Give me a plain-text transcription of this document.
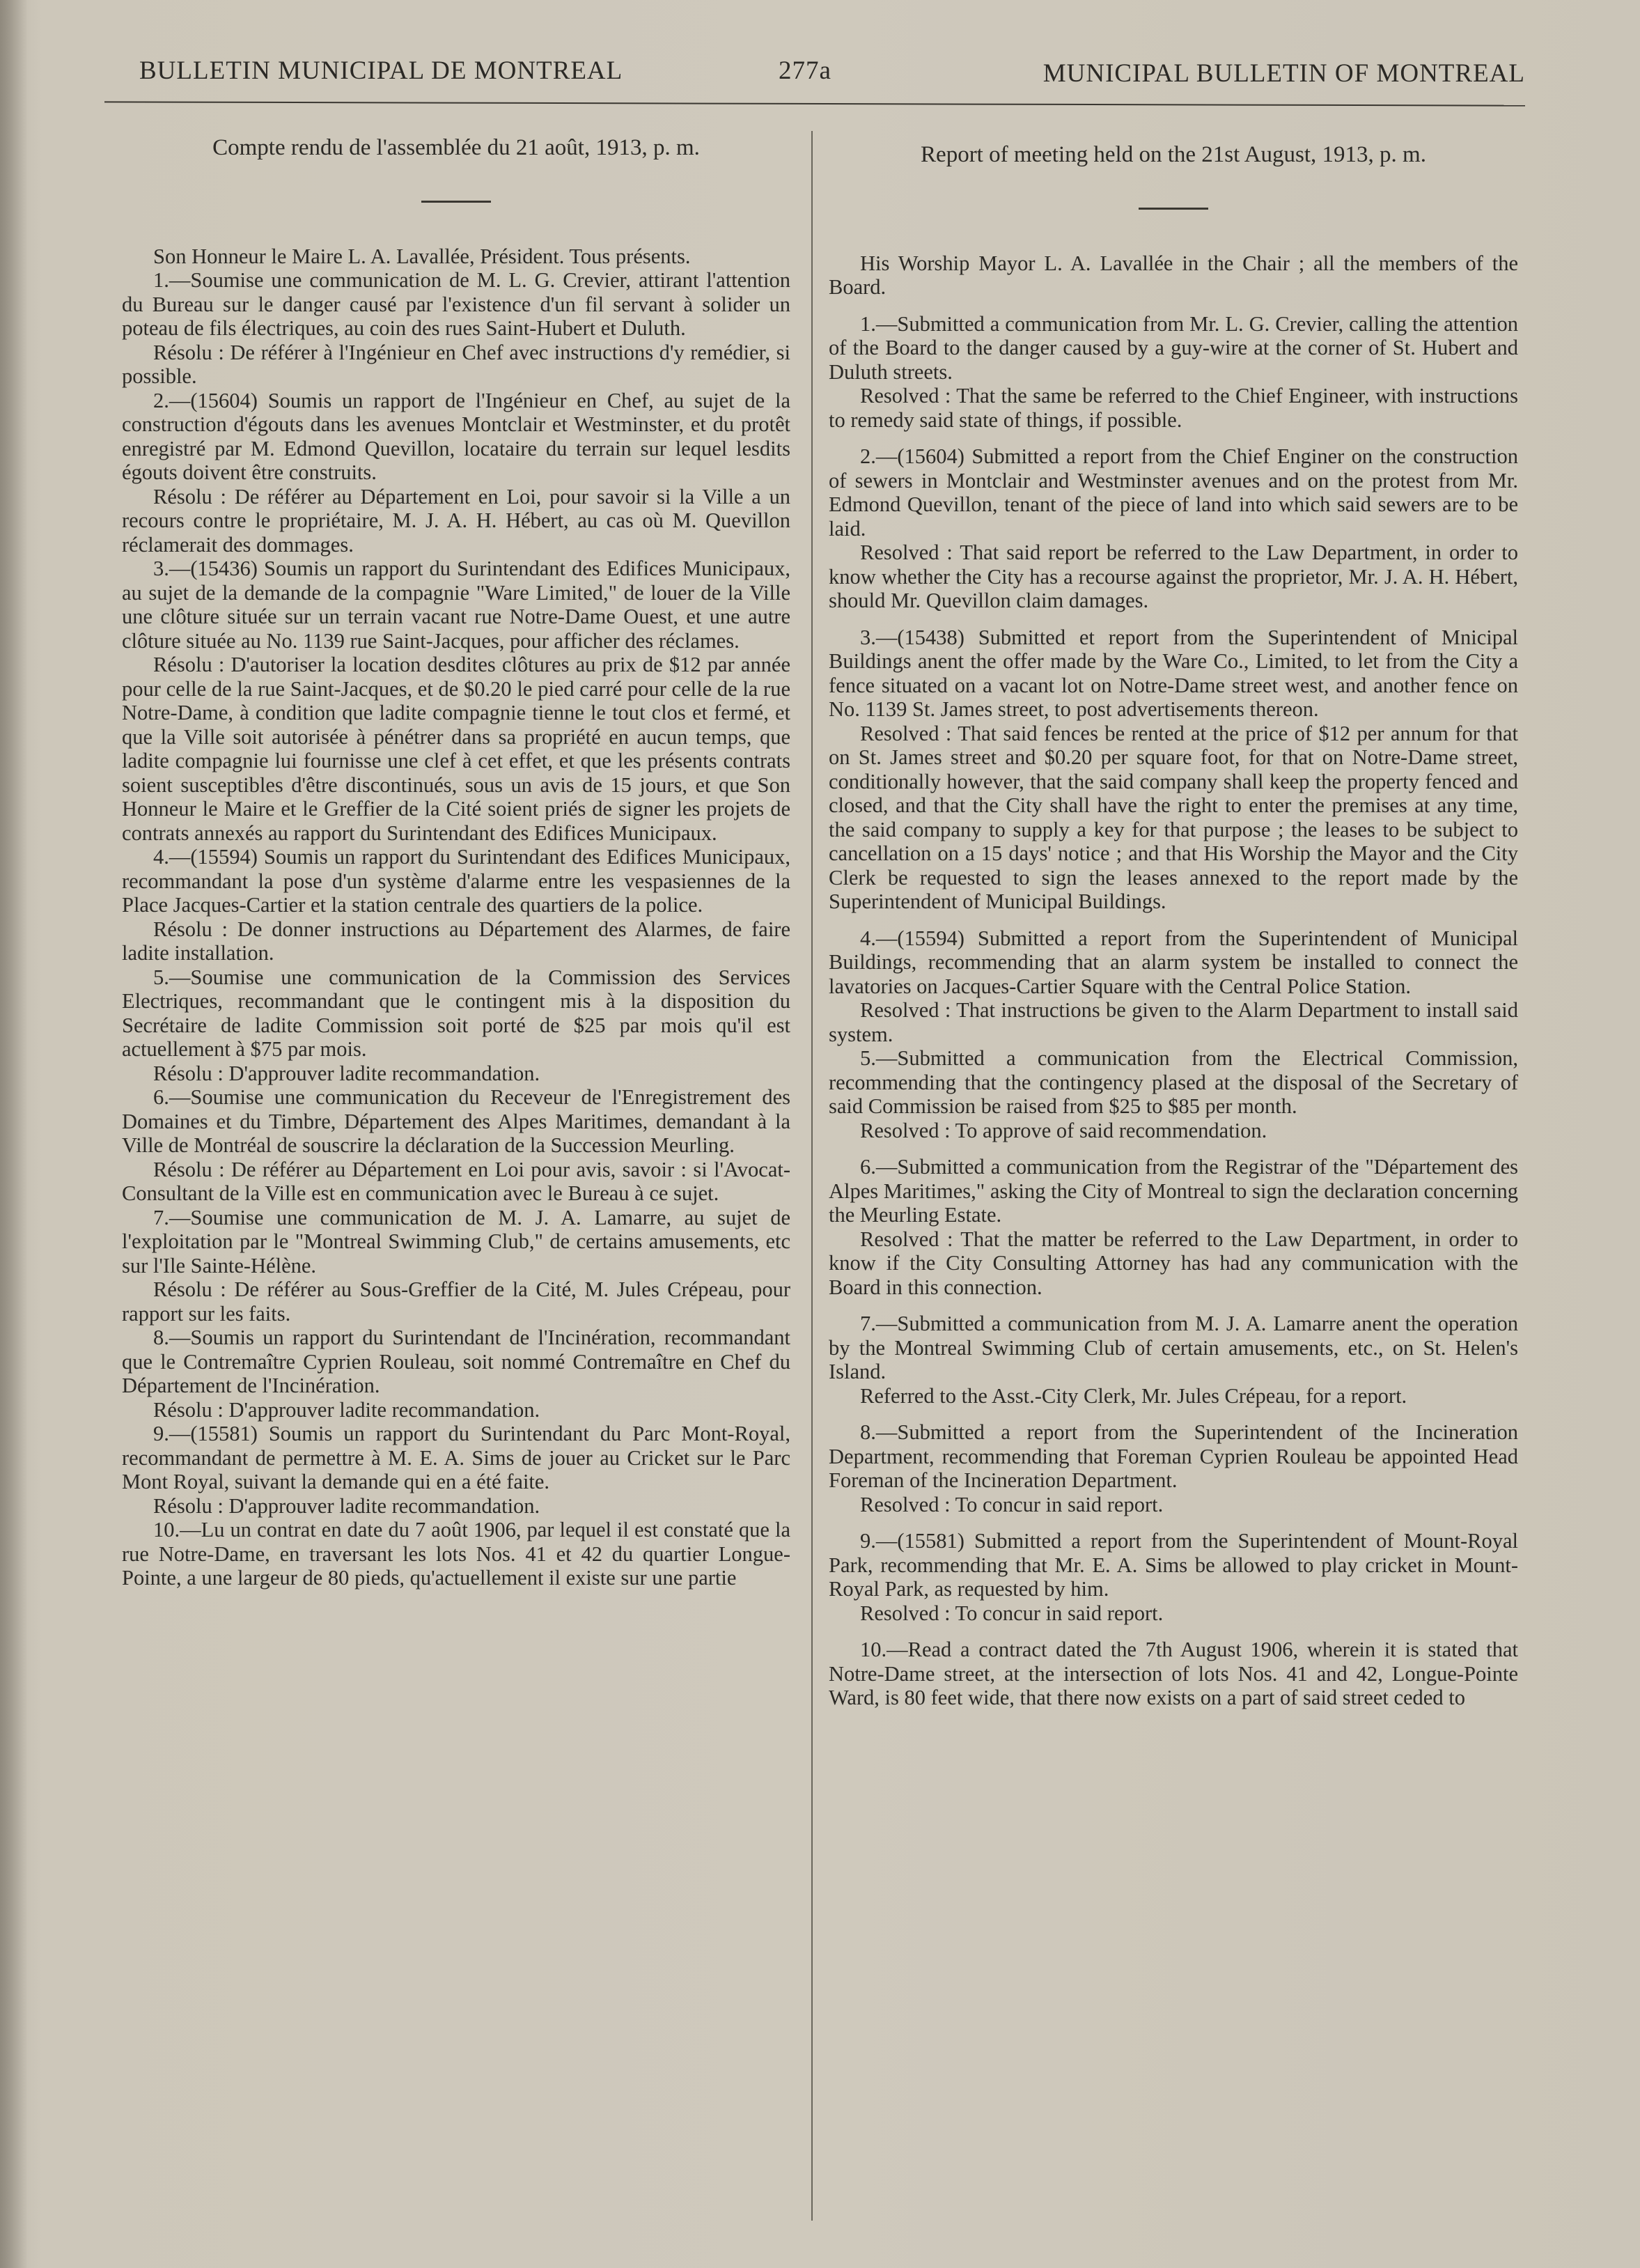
BULLETIN MUNICIPAL DE MONTREAL	277a	MUNICIPAL BULLETIN OF MONTREAL

Compte rendu de l'assemblée du 21 août, 1913, p. m.

Son Honneur le Maire L. A. Lavallée, Président. Tous présents.

1.—Soumise une communication de M. L. G. Crevier, attirant l'attention du Bureau sur le danger causé par l'existence d'un fil servant à solider un poteau de fils électriques, au coin des rues Saint-Hubert et Duluth.

Résolu : De référer à l'Ingénieur en Chef avec instructions d'y remédier, si possible.

2.—(15604) Soumis un rapport de l'Ingénieur en Chef, au sujet de la construction d'égouts dans les avenues Montclair et Westminster, et du protêt enregistré par M. Edmond Quevillon, locataire du terrain sur lequel lesdits égouts doivent être construits.

Résolu : De référer au Département en Loi, pour savoir si la Ville a un recours contre le propriétaire, M. J. A. H. Hébert, au cas où M. Quevillon réclamerait des dommages.

3.—(15436) Soumis un rapport du Surintendant des Edifices Municipaux, au sujet de la demande de la compagnie "Ware Limited," de louer de la Ville une clôture située sur un terrain vacant rue Notre-Dame Ouest, et une autre clôture située au No. 1139 rue Saint-Jacques, pour afficher des réclames.

Résolu : D'autoriser la location desdites clôtures au prix de $12 par année pour celle de la rue Saint-Jacques, et de $0.20 le pied carré pour celle de la rue Notre-Dame, à condition que ladite compagnie tienne le tout clos et fermé, et que la Ville soit autorisée à pénétrer dans sa propriété en aucun temps, que ladite compagnie lui fournisse une clef à cet effet, et que les présents contrats soient susceptibles d'être discontinués, sous un avis de 15 jours, et que Son Honneur le Maire et le Greffier de la Cité soient priés de signer les projets de contrats annexés au rapport du Surintendant des Edifices Municipaux.

4.—(15594) Soumis un rapport du Surintendant des Edifices Municipaux, recommandant la pose d'un système d'alarme entre les vespasiennes de la Place Jacques-Cartier et la station centrale des quartiers de la police.

Résolu : De donner instructions au Département des Alarmes, de faire ladite installation.

5.—Soumise une communication de la Commission des Services Electriques, recommandant que le contingent mis à la disposition du Secrétaire de ladite Commission soit porté de $25 par mois qu'il est actuellement à $75 par mois.

Résolu : D'approuver ladite recommandation.

6.—Soumise une communication du Receveur de l'Enregistrement des Domaines et du Timbre, Département des Alpes Maritimes, demandant à la Ville de Montréal de souscrire la déclaration de la Succession Meurling.

Résolu : De référer au Département en Loi pour avis, savoir : si l'Avocat-Consultant de la Ville est en communication avec le Bureau à ce sujet.

7.—Soumise une communication de M. J. A. Lamarre, au sujet de l'exploitation par le "Montreal Swimming Club," de certains amusements, etc sur l'Ile Sainte-Hélène.

Résolu : De référer au Sous-Greffier de la Cité, M. Jules Crépeau, pour rapport sur les faits.

8.—Soumis un rapport du Surintendant de l'Incinération, recommandant que le Contremaître Cyprien Rouleau, soit nommé Contremaître en Chef du Département de l'Incinération.

Résolu : D'approuver ladite recommandation.

9.—(15581) Soumis un rapport du Surintendant du Parc Mont-Royal, recommandant de permettre à M. E. A. Sims de jouer au Cricket sur le Parc Mont Royal, suivant la demande qui en a été faite.

Résolu : D'approuver ladite recommandation.

10.—Lu un contrat en date du 7 août 1906, par lequel il est constaté que la rue Notre-Dame, en traversant les lots Nos. 41 et 42 du quartier Longue-Pointe, a une largeur de 80 pieds, qu'actuellement il existe sur une partie

Report of meeting held on the 21st August, 1913, p. m.

His Worship Mayor L. A. Lavallée in the Chair ; all the members of the Board.

1.—Submitted a communication from Mr. L. G. Crevier, calling the attention of the Board to the danger caused by a guy-wire at the corner of St. Hubert and Duluth streets.

Resolved : That the same be referred to the Chief Engineer, with instructions to remedy said state of things, if possible.

2.—(15604) Submitted a report from the Chief Enginer on the construction of sewers in Montclair and Westminster avenues and on the protest from Mr. Edmond Quevillon, tenant of the piece of land into which said sewers are to be laid.

Resolved : That said report be referred to the Law Department, in order to know whether the City has a recourse against the proprietor, Mr. J. A. H. Hébert, should Mr. Quevillon claim damages.

3.—(15438) Submitted et report from the Superintendent of Mnicipal Buildings anent the offer made by the Ware Co., Limited, to let from the City a fence situated on a vacant lot on Notre-Dame street west, and another fence on No. 1139 St. James street, to post advertisements thereon.

Resolved : That said fences be rented at the price of $12 per annum for that on St. James street and $0.20 per square foot, for that on Notre-Dame street, conditionally however, that the said company shall keep the property fenced and closed, and that the City shall have the right to enter the premises at any time, the said company to supply a key for that purpose ; the leases to be subject to cancellation on a 15 days' notice ; and that His Worship the Mayor and the City Clerk be requested to sign the leases annexed to the report made by the Superintendent of Municipal Buildings.

4.—(15594) Submitted a report from the Superintendent of Municipal Buildings, recommending that an alarm system be installed to connect the lavatories on Jacques-Cartier Square with the Central Police Station.

Resolved : That instructions be given to the Alarm Department to install said system.

5.—Submitted a communication from the Electrical Commission, recommending that the contingency plased at the disposal of the Secretary of said Commission be raised from $25 to $85 per month.

Resolved : To approve of said recommendation.

6.—Submitted a communication from the Registrar of the "Département des Alpes Maritimes," asking the City of Montreal to sign the declaration concerning the Meurling Estate.

Resolved : That the matter be referred to the Law Department, in order to know if the City Consulting Attorney has had any communication with the Board in this connection.

7.—Submitted a communication from M. J. A. Lamarre anent the operation by the Montreal Swimming Club of certain amusements, etc., on St. Helen's Island.

Referred to the Asst.-City Clerk, Mr. Jules Crépeau, for a report.

8.—Submitted a report from the Superintendent of the Incineration Department, recommending that Foreman Cyprien Rouleau be appointed Head Foreman of the Incineration Department.

Resolved : To concur in said report.

9.—(15581) Submitted a report from the Superintendent of Mount-Royal Park, recommending that Mr. E. A. Sims be allowed to play cricket in Mount-Royal Park, as requested by him.

Resolved : To concur in said report.

10.—Read a contract dated the 7th August 1906, wherein it is stated that Notre-Dame street, at the intersection of lots Nos. 41 and 42, Longue-Pointe Ward, is 80 feet wide, that there now exists on a part of said street ceded to
